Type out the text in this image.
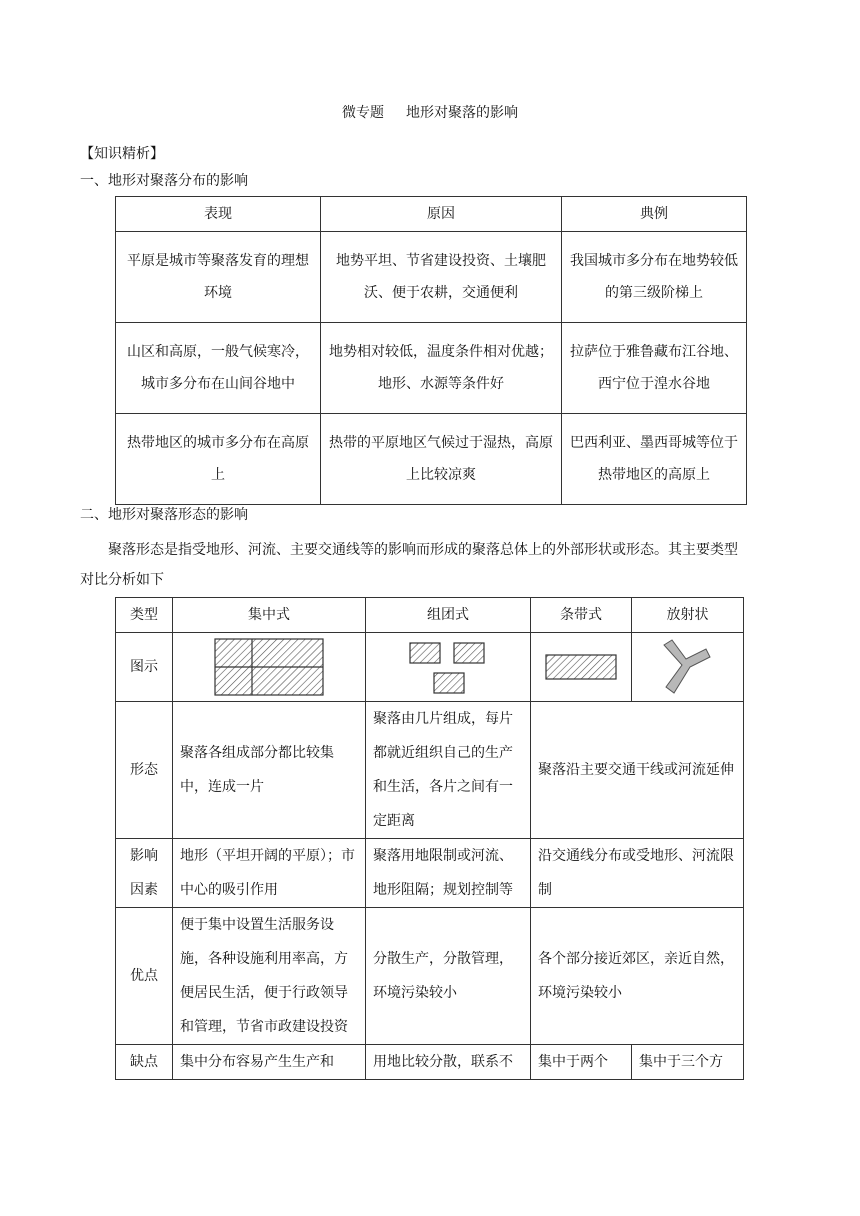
微专题 地形对聚落的影响
【知识精析】
一、地形对聚落分布的影响
表现	原因	典例
平原是城市等聚落发育的理想环境	地势平坦、节省建设投资、土壤肥沃、便于农耕，交通便利	我国城市多分布在地势较低的第三级阶梯上
山区和高原，一般气候寒冷，城市多分布在山间谷地中	地势相对较低，温度条件相对优越；地形、水源等条件好	拉萨位于雅鲁藏布江谷地、西宁位于湟水谷地
热带地区的城市多分布在高原上	热带的平原地区气候过于湿热，高原上比较凉爽	巴西利亚、墨西哥城等位于热带地区的高原上
二、地形对聚落形态的影响
聚落形态是指受地形、河流、主要交通线等的影响而形成的聚落总体上的外部形状或形态。其主要类型对比分析如下
类型	集中式	组团式	条带式	放射状
图示	

形态	聚落各组成部分都比较集中，连成一片	聚落由几片组成，每片都就近组织自己的生产和生活，各片之间有一定距离	聚落沿主要交通干线或河流延伸	
影响
因素	地形（平坦开阔的平原）；市中心的吸引作用	聚落用地限制或河流、地形阻隔；规划控制等	沿交通线分布或受地形、河流限制	
优点	便于集中设置生活服务设施，各种设施利用率高，方便居民生活，便于行政领导和管理，节省市政建设投资	分散生产，分散管理，环境污染较小	各个部分接近郊区，亲近自然，环境污染较小	
缺点	集中分布容易产生生产和	用地比较分散，联系不	集中于两个	集中于三个方
